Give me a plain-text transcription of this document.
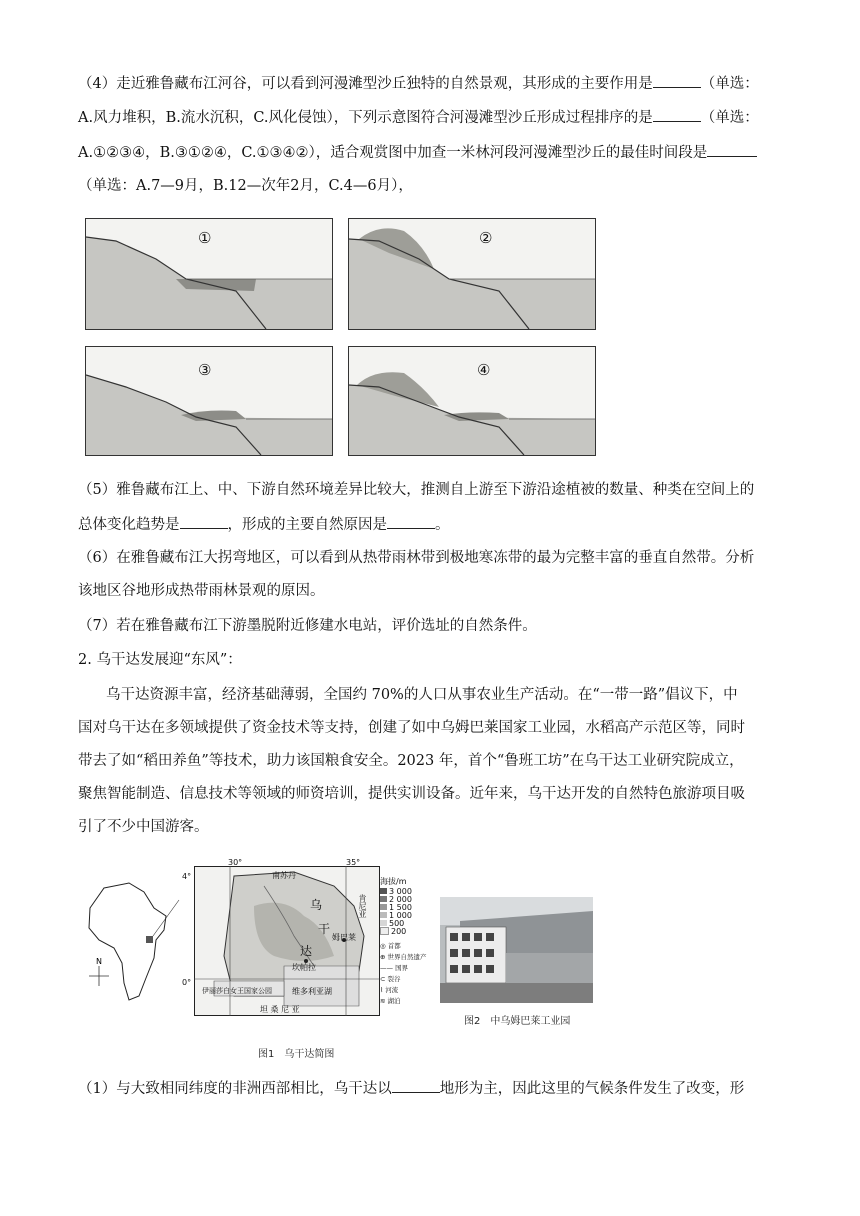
（4）走近雅鲁藏布江河谷，可以看到河漫滩型沙丘独特的自然景观，其形成的主要作用是	（单选：
A.风力堆积，B.流水沉积，C.风化侵蚀），下列示意图符合河漫滩型沙丘形成过程排序的是	（单选：
A.①②③④，B.③①②④，C.①③④②），适合观赏图中加查一米林河段河漫滩型沙丘的最佳时间段是
（单选：A.7—9月，B.12—次年2月，C.4—6月），
①	②
③	④
（5）雅鲁藏布江上、中、下游自然环境差异比较大，推测自上游至下游沿途植被的数量、种类在空间上的
总体变化趋势是	，形成的主要自然原因是	。
（6）在雅鲁藏布江大拐弯地区，可以看到从热带雨林带到极地寒冻带的最为完整丰富的垂直自然带。分析
该地区谷地形成热带雨林景观的原因。
（7）若在雅鲁藏布江下游墨脱附近修建水电站，评价选址的自然条件。
2. 乌干达发展迎“东风”：
乌干达资源丰富，经济基础薄弱，全国约 70%的人口从事农业生产活动。在“一带一路”倡议下，中
国对乌干达在多领域提供了资金技术等支持，创建了如中乌姆巴莱国家工业园，水稻高产示范区等，同时
带去了如“稻田养鱼”等技术，助力该国粮食安全。2023 年，首个“鲁班工坊”在乌干达工业研究院成立，
聚焦智能制造、信息技术等领域的师资培训，提供实训设备。近年来，乌干达开发的自然特色旅游项目吸
引了不少中国游客。
N
30°	35°
4°
0°
南苏丹
肯尼亚
乌
干
达
姆巴莱
坎帕拉
维多利亚湖
伊丽莎白女王国家公园
坦 桑 尼 亚
海拔/m
3 000
2 000
1 500
1 000
500
200
◎ 首都
⊕ 世界自然遗产
—— 国界
⊂ 裂谷
⌇ 河流
≋ 湖泊
图1　乌干达简图
图2　中乌姆巴莱工业园
（1）与大致相同纬度的非洲西部相比，乌干达以	地形为主，因此这里的气候条件发生了改变，形
